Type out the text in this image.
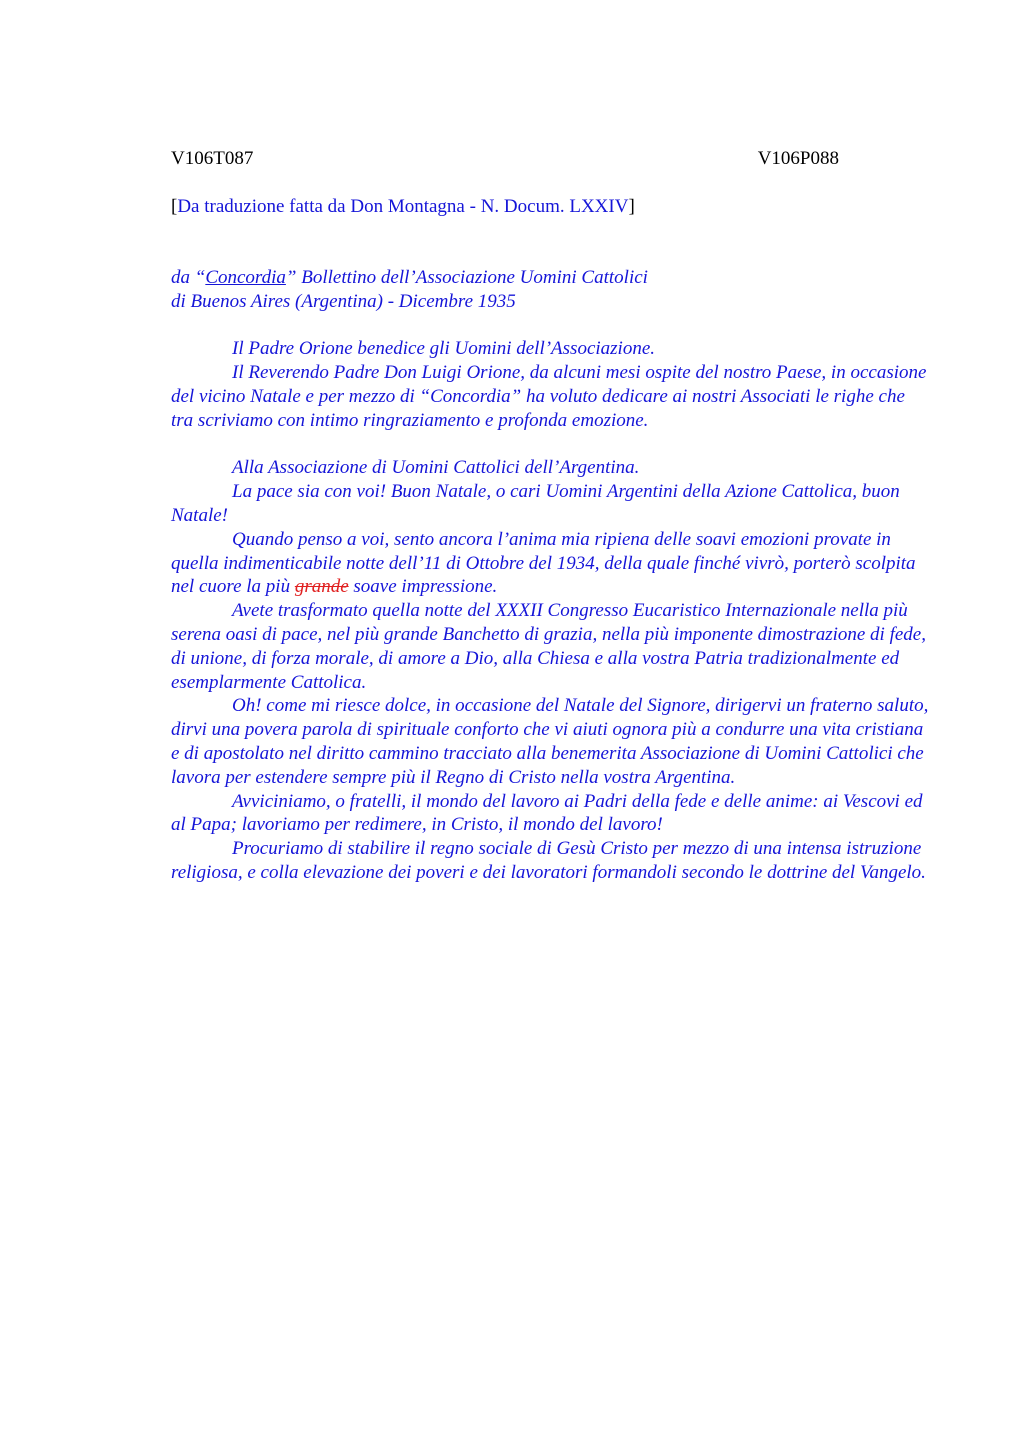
V106T087	V106P088
[Da traduzione fatta da Don Montagna - N. Docum. LXXIV]

da “Concordia” Bollettino dell’Associazione Uomini Cattolici

di Buenos Aires (Argentina) - Dicembre 1935

Il Padre Orione benedice gli Uomini dell’Associazione.

Il Reverendo Padre Don Luigi Orione, da alcuni mesi ospite del nostro Paese, in occasione del vicino Natale e per mezzo di “Concordia” ha voluto dedicare ai nostri Associati le righe che tra scriviamo con intimo ringraziamento e profonda emozione.

Alla Associazione di Uomini Cattolici dell’Argentina.

La pace sia con voi! Buon Natale, o cari Uomini Argentini della Azione Cattolica, buon Natale!

Quando penso a voi, sento ancora l’anima mia ripiena delle soavi emozioni provate in quella indimenticabile notte dell’11 di Ottobre del 1934, della quale finché vivrò, porterò scolpita nel cuore la più grande soave impressione.

Avete trasformato quella notte del XXXII Congresso Eucaristico Internazionale nella più serena oasi di pace, nel più grande Banchetto di grazia, nella più imponente dimostrazione di fede, di unione, di forza morale, di amore a Dio, alla Chiesa e alla vostra Patria tradizionalmente ed esemplarmente Cattolica.

Oh! come mi riesce dolce, in occasione del Natale del Signore, dirigervi un fraterno saluto, dirvi una povera parola di spirituale conforto che vi aiuti ognora più a condurre una vita cristiana e di apostolato nel diritto cammino tracciato alla benemerita Associazione di Uomini Cattolici che lavora per estendere sempre più il Regno di Cristo nella vostra Argentina.

Avviciniamo, o fratelli, il mondo del lavoro ai Padri della fede e delle anime: ai Vescovi ed al Papa; lavoriamo per redimere, in Cristo, il mondo del lavoro!

Procuriamo di stabilire il regno sociale di Gesù Cristo per mezzo di una intensa istruzione religiosa, e colla elevazione dei poveri e dei lavoratori formandoli secondo le dottrine del Vangelo.
